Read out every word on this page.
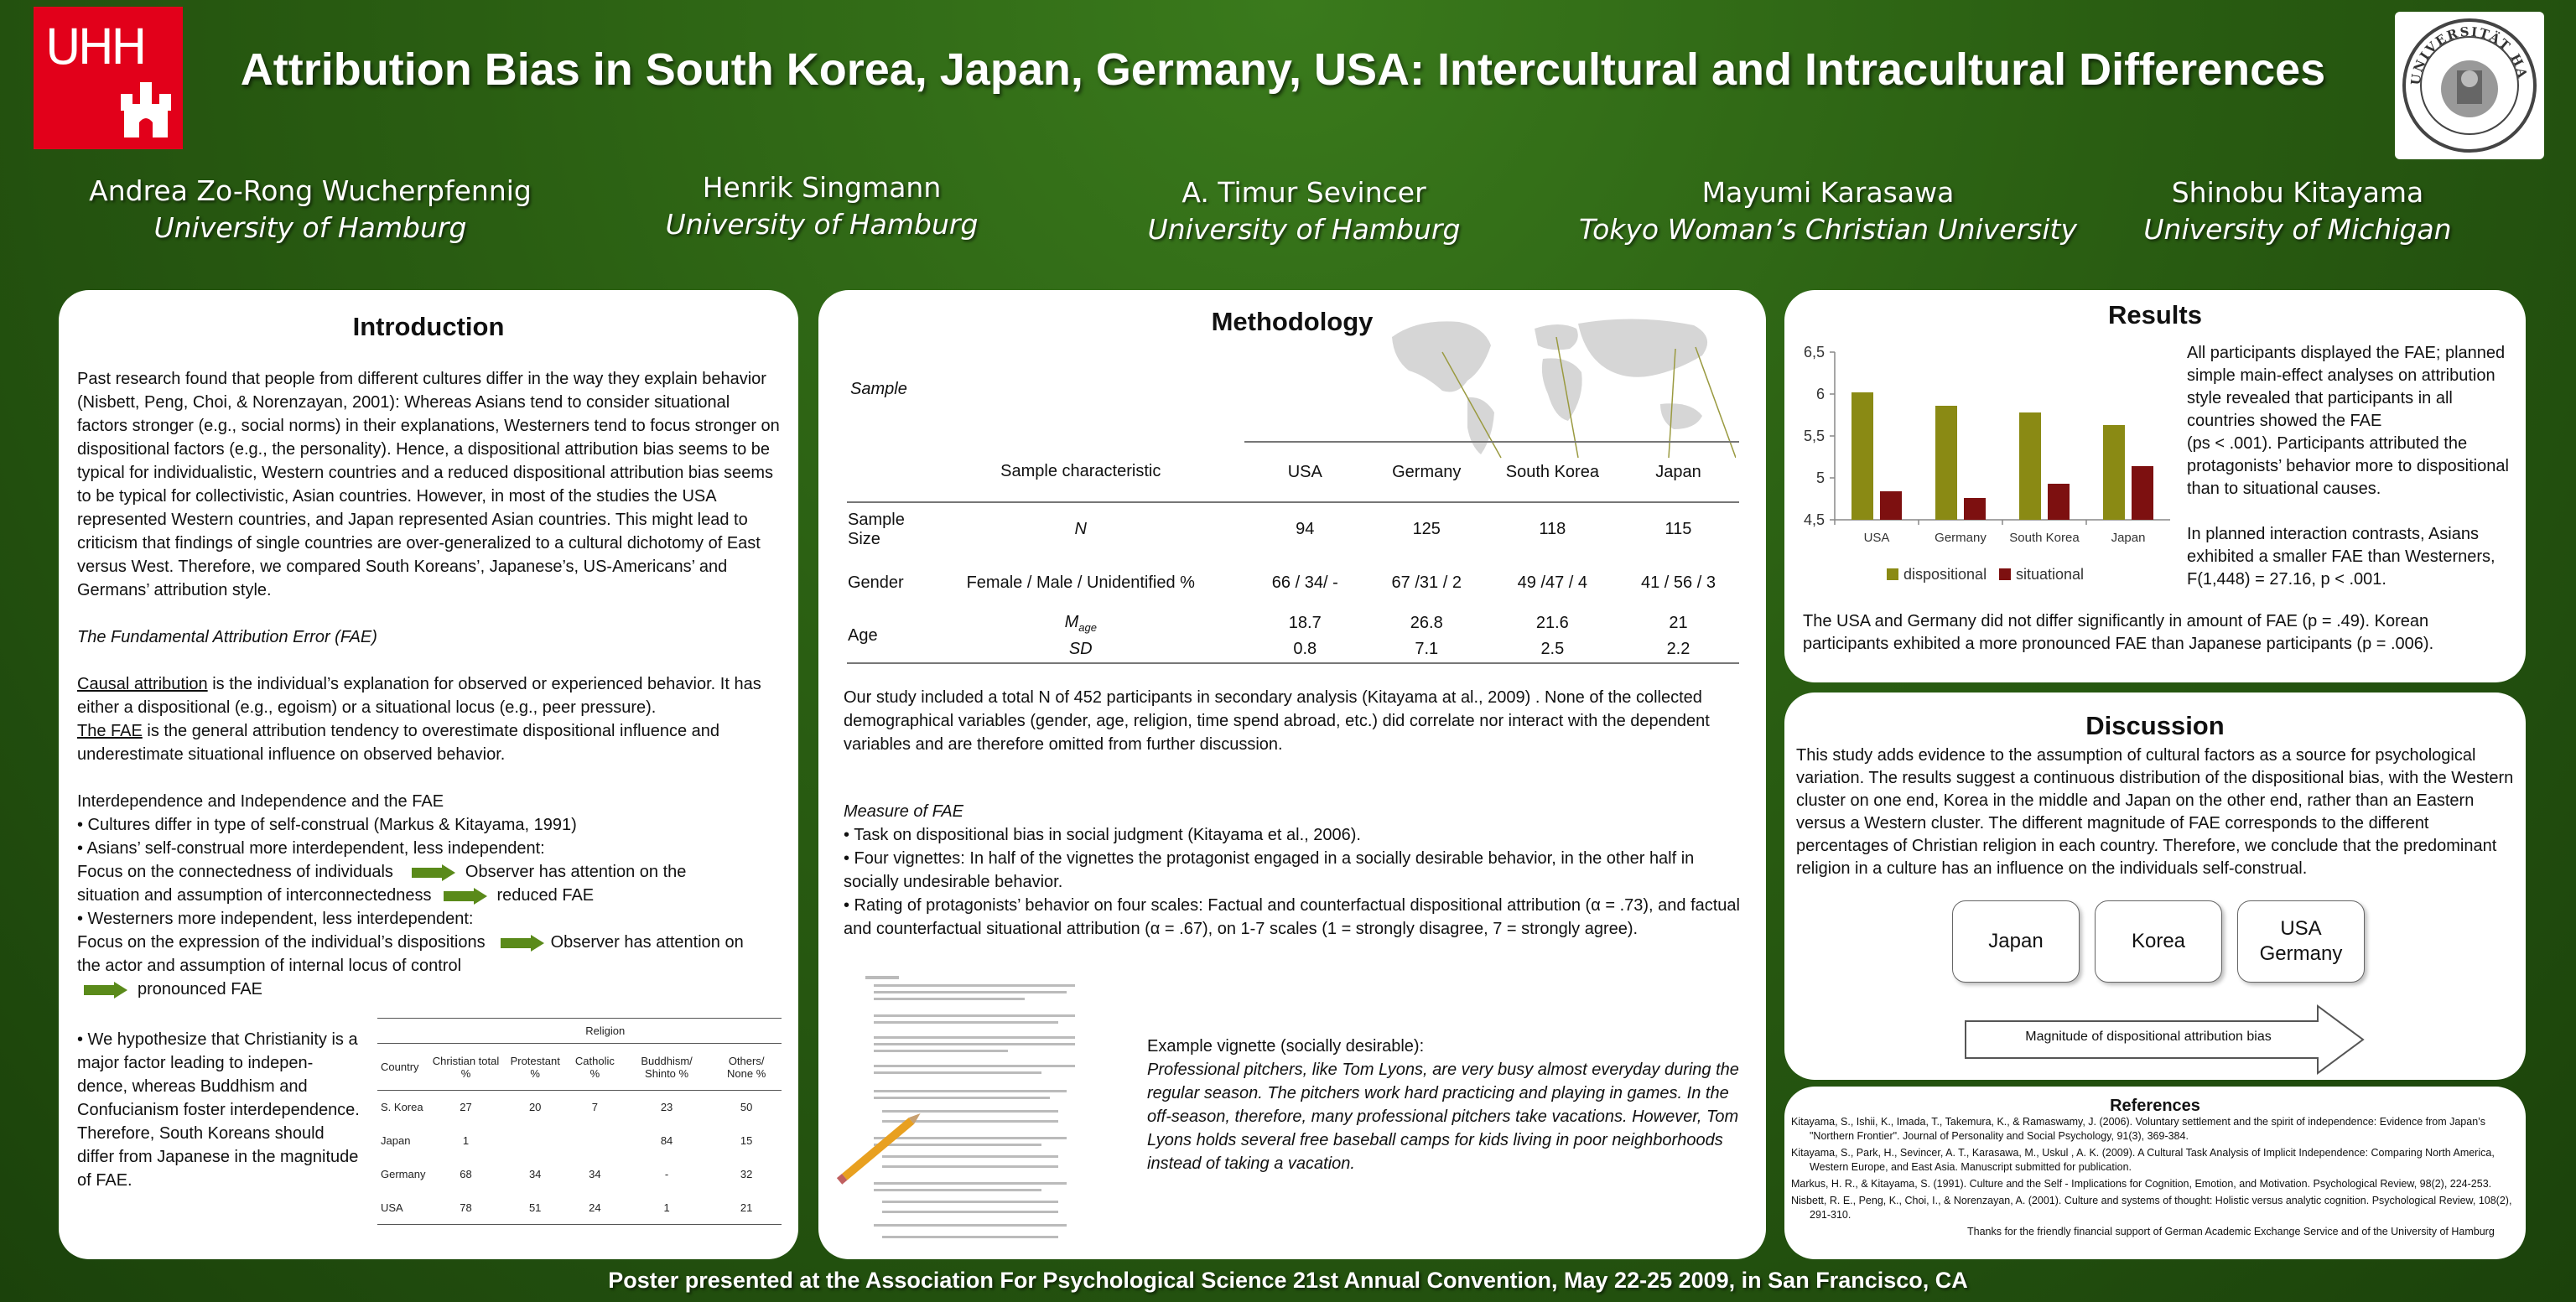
UHH
UNIVERSITÄT HA
Attribution Bias in South Korea, Japan, Germany, USA: Intercultural and Intracultural Differences
Andrea Zo-Rong Wucherpfennig
University of Hamburg
Henrik Singmann
University of Hamburg
A. Timur Sevincer
University of Hamburg
Mayumi Karasawa
Tokyo Woman’s Christian University
Shinobu Kitayama
University of Michigan
Introduction

Past research found that people from different cultures differ in the way they explain behavior (Nisbett, Peng, Choi, & Norenzayan, 2001): Whereas Asians tend to consider situational factors stronger (e.g., social norms) in their explanations, Westerners tend to focus stronger on dispositional factors (e.g., the personality). Hence, a dispositional attribution bias seems to be typical for individualistic, Western countries and a reduced dispositional attribution bias seems to be typical for collectivistic, Asian countries. However, in most of the studies the USA represented Western countries, and Japan represented Asian countries. This might lead to criticism that findings of single countries are over-generalized to a cultural dichotomy of East versus West. Therefore, we compared South Koreans’, Japanese’s, US-Americans’ and Germans’ attribution style.

The Fundamental Attribution Error (FAE)

Causal attribution is the individual’s explanation for observed or experienced behavior. It has either a dispositional (e.g., egoism) or a situational locus (e.g., peer pressure).

The FAE is the general attribution tendency to overestimate dispositional influence and underestimate situational influence on observed behavior.

Interdependence and Independence and the FAE

• Cultures differ in type of self-construal (Markus & Kitayama, 1991)

• Asians’ self-construal more interdependent, less independent:

Focus on the connectedness of individuals	Observer has attention on the

situation and assumption of interconnectedness	reduced FAE

• Westerners more independent, less interdependent:

Focus on the expression of the individual’s dispositions	Observer has attention on

the actor and assumption of internal locus of control

pronounced FAE

• We hypothesize that Christianity is a major factor leading to indepen-dence, whereas Buddhism and Confucianism foster interdependence.

Therefore, South Koreans should differ from Japanese in the magnitude of FAE.

	Religion				
Country	Christian total %	Protestant %	Catholic %	Buddhism/ Shinto %	Others/ None %
S. Korea	27	20	7	23	50
Japan	1			84	15
Germany	68	34	34	-	32
USA	78	51	24	1	21
Methodology
Sample
	Sample characteristic	USA	Germany	South Korea	Japan
Sample Size	N	94	125	118	115
Gender	Female / Male / Unidentified %	66 / 34/ -	67 /31 / 2	49 /47 / 4	41 / 56 / 3
Age	$M_{age}$	18.7	26.8	21.6	21
	SD	0.8	7.1	2.5	2.2
Our study included a total N of 452 participants in secondary analysis (Kitayama at al., 2009) . None of the collected demographical variables (gender, age, religion, time spend abroad, etc.) did correlate nor interact with the dependent variables and are therefore omitted from further discussion.

Measure of FAE

• Task on dispositional bias in social judgment (Kitayama et al., 2006).

• Four vignettes: In half of the vignettes the protagonist engaged in a socially desirable behavior, in the other half in socially undesirable behavior.

• Rating of protagonists’ behavior on four scales: Factual and counterfactual dispositional attribution (α = .73), and factual and counterfactual situational attribution (α = .67), on 1-7 scales (1 = strongly disagree, 7 = strongly agree).

Example vignette (socially desirable):

Professional pitchers, like Tom Lyons, are very busy almost everyday during the regular season. The pitchers work hard practicing and playing in games. In the off-season, therefore, many professional pitchers take vacations. However, Tom Lyons holds several free baseball camps for kids living in poor neighborhoods instead of taking a vacation.

Results
4,5
5
5,5
6
6,5
USA	Germany South Korea	Japan
dispositional situational

All participants displayed the FAE; planned simple main-effect analyses on attribution style revealed that participants in all countries showed the FAE

(ps < .001). Participants attributed the protagonists’ behavior more to dispositional than to situational causes.

In planned interaction contrasts, Asians exhibited a smaller FAE than Westerners, F(1,448) = 27.16, p < .001.

The USA and Germany did not differ significantly in amount of FAE (p = .49). Korean participants exhibited a more pronounced FAE than Japanese participants (p = .006).
Discussion
This study adds evidence to the assumption of cultural factors as a source for psychological variation. The results suggest a continuous distribution of the dispositional bias, with the Western cluster on one end, Korea in the middle and Japan on the other end, rather than an Eastern versus a Western cluster. The different magnitude of FAE corresponds to the different percentages of Christian religion in each country. Therefore, we conclude that the predominant religion in a culture has an influence on the individuals self-construal.
Japan	Korea
USA
Germany
Magnitude of dispositional attribution bias
References

Kitayama, S., Ishii, K., Imada, T., Takemura, K., & Ramaswamy, J. (2006). Voluntary settlement and the spirit of independence: Evidence from Japan’s "Northern Frontier". Journal of Personality and Social Psychology, 91(3), 369-384.

Kitayama, S., Park, H., Sevincer, A. T., Karasawa, M., Uskul , A. K. (2009). A Cultural Task Analysis of Implicit Independence: Comparing North America, Western Europe, and East Asia. Manuscript submitted for publication.

Markus, H. R., & Kitayama, S. (1991). Culture and the Self - Implications for Cognition, Emotion, and Motivation. Psychological Review, 98(2), 224-253.

Nisbett, R. E., Peng, K., Choi, I., & Norenzayan, A. (2001). Culture and systems of thought: Holistic versus analytic cognition. Psychological Review, 108(2), 291-310.

Thanks for the friendly financial support of German Academic Exchange Service and of the University of Hamburg

Poster presented at the Association For Psychological Science 21st Annual Convention, May 22-25 2009, in San Francisco, CA
